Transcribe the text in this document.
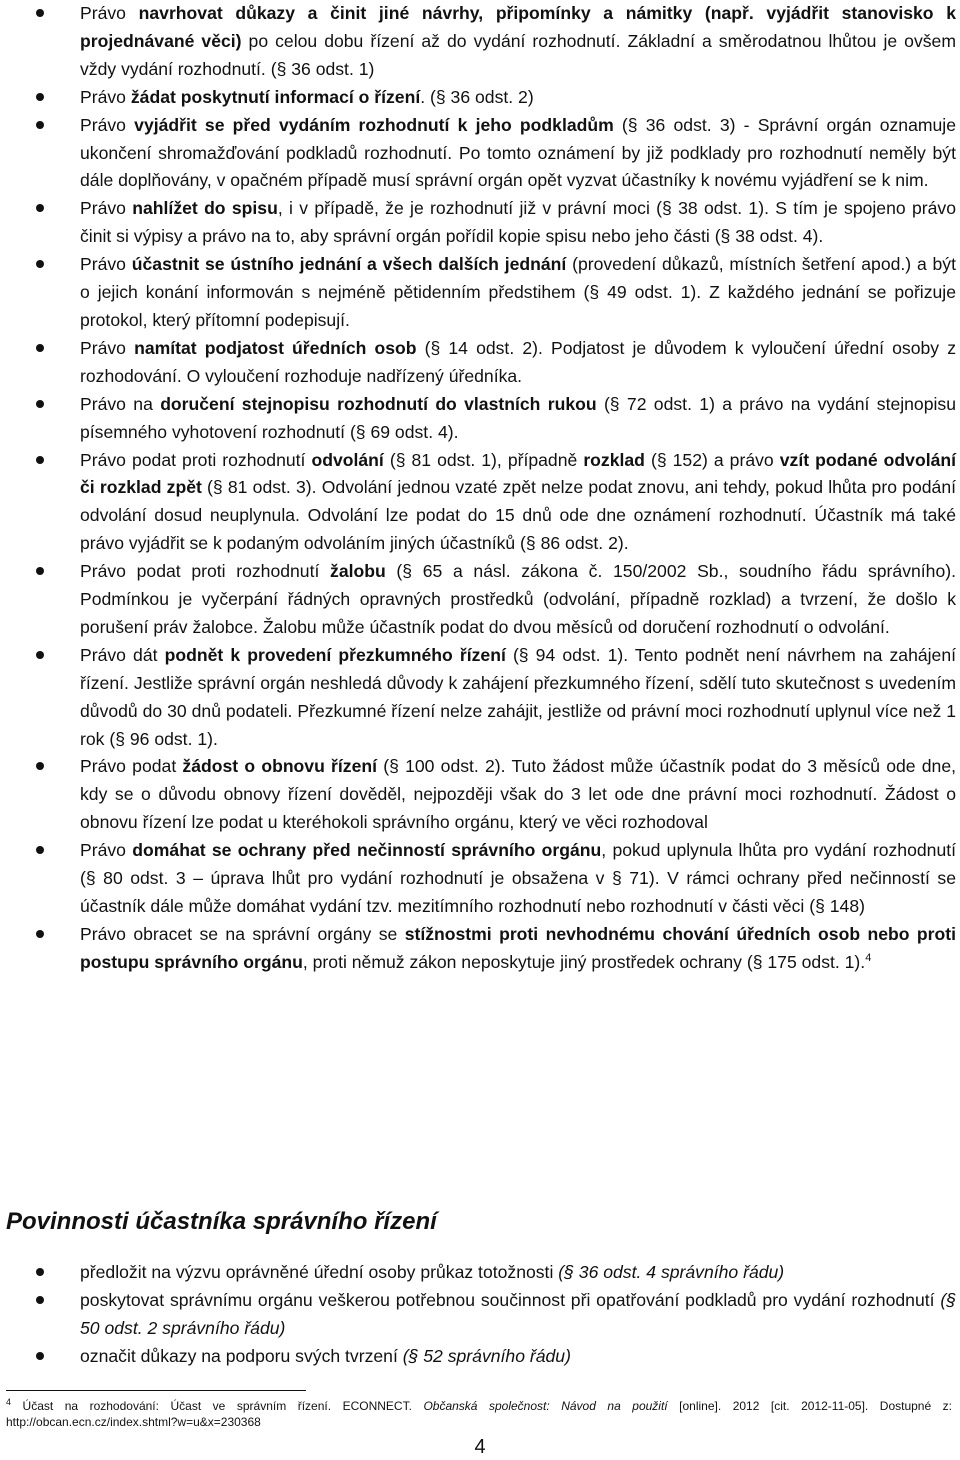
Právo navrhovat důkazy a činit jiné návrhy, připomínky a námitky (např. vyjádřit stanovisko k projednávané věci) po celou dobu řízení až do vydání rozhodnutí. Základní a směrodatnou lhůtou je ovšem vždy vydání rozhodnutí. (§ 36 odst. 1)
Právo žádat poskytnutí informací o řízení. (§ 36 odst. 2)
Právo vyjádřit se před vydáním rozhodnutí k jeho podkladům (§ 36 odst. 3) - Správní orgán oznamuje ukončení shromažďování podkladů rozhodnutí. Po tomto oznámení by již podklady pro rozhodnutí neměly být dále doplňovány, v opačném případě musí správní orgán opět vyzvat účastníky k novému vyjádření se k nim.
Právo nahlížet do spisu, i v případě, že je rozhodnutí již v právní moci (§ 38 odst. 1). S tím je spojeno právo činit si výpisy a právo na to, aby správní orgán pořídil kopie spisu nebo jeho části (§ 38 odst. 4).
Právo účastnit se ústního jednání a všech dalších jednání (provedení důkazů, místních šetření apod.) a být o jejich konání informován s nejméně pětidenním předstihem (§ 49 odst. 1). Z každého jednání se pořizuje protokol, který přítomní podepisují.
Právo namítat podjatost úředních osob (§ 14 odst. 2). Podjatost je důvodem k vyloučení úřední osoby z rozhodování. O vyloučení rozhoduje nadřízený úředníka.
Právo na doručení stejnopisu rozhodnutí do vlastních rukou (§ 72 odst. 1) a právo na vydání stejnopisu písemného vyhotovení rozhodnutí (§ 69 odst. 4).
Právo podat proti rozhodnutí odvolání (§ 81 odst. 1), případně rozklad (§ 152) a právo vzít podané odvolání či rozklad zpět (§ 81 odst. 3). Odvolání jednou vzaté zpět nelze podat znovu, ani tehdy, pokud lhůta pro podání odvolání dosud neuplynula. Odvolání lze podat do 15 dnů ode dne oznámení rozhodnutí. Účastník má také právo vyjádřit se k podaným odvoláním jiných účastníků (§ 86 odst. 2).
Právo podat proti rozhodnutí žalobu (§ 65 a násl. zákona č. 150/2002 Sb., soudního řádu správního). Podmínkou je vyčerpání řádných opravných prostředků (odvolání, případně rozklad) a tvrzení, že došlo k porušení práv žalobce. Žalobu může účastník podat do dvou měsíců od doručení rozhodnutí o odvolání.
Právo dát podnět k provedení přezkumného řízení (§ 94 odst. 1). Tento podnět není návrhem na zahájení řízení. Jestliže správní orgán neshledá důvody k zahájení přezkumného řízení, sdělí tuto skutečnost s uvedením důvodů do 30 dnů podateli. Přezkumné řízení nelze zahájit, jestliže od právní moci rozhodnutí uplynul více než 1 rok (§ 96 odst. 1).
Právo podat žádost o obnovu řízení (§ 100 odst. 2). Tuto žádost může účastník podat do 3 měsíců ode dne, kdy se o důvodu obnovy řízení dověděl, nejpozději však do 3 let ode dne právní moci rozhodnutí. Žádost o obnovu řízení lze podat u kteréhokoli správního orgánu, který ve věci rozhodoval
Právo domáhat se ochrany před nečinností správního orgánu, pokud uplynula lhůta pro vydání rozhodnutí (§ 80 odst. 3 – úprava lhůt pro vydání rozhodnutí je obsažena v § 71). V rámci ochrany před nečinností se účastník dále může domáhat vydání tzv. mezitímního rozhodnutí nebo rozhodnutí v části věci (§ 148)
Právo obracet se na správní orgány se stížnostmi proti nevhodnému chování úředních osob nebo proti postupu správního orgánu, proti němuž zákon neposkytuje jiný prostředek ochrany (§ 175 odst. 1).$^4$
Povinnosti účastníka správního řízení
předložit na výzvu oprávněné úřední osoby průkaz totožnosti (§ 36 odst. 4 správního řádu)
poskytovat správnímu orgánu veškerou potřebnou součinnost při opatřování podkladů pro vydání rozhodnutí (§ 50 odst. 2 správního řádu)
označit důkazy na podporu svých tvrzení (§ 52 správního řádu)
$^4$ Účast na rozhodování: Účast ve správním řízení. ECONNECT. Občanská společnost: Návod na použití [online]. 2012 [cit. 2012-11-05]. Dostupné z: http://obcan.ecn.cz/index.shtml?w=u&x=230368
4
